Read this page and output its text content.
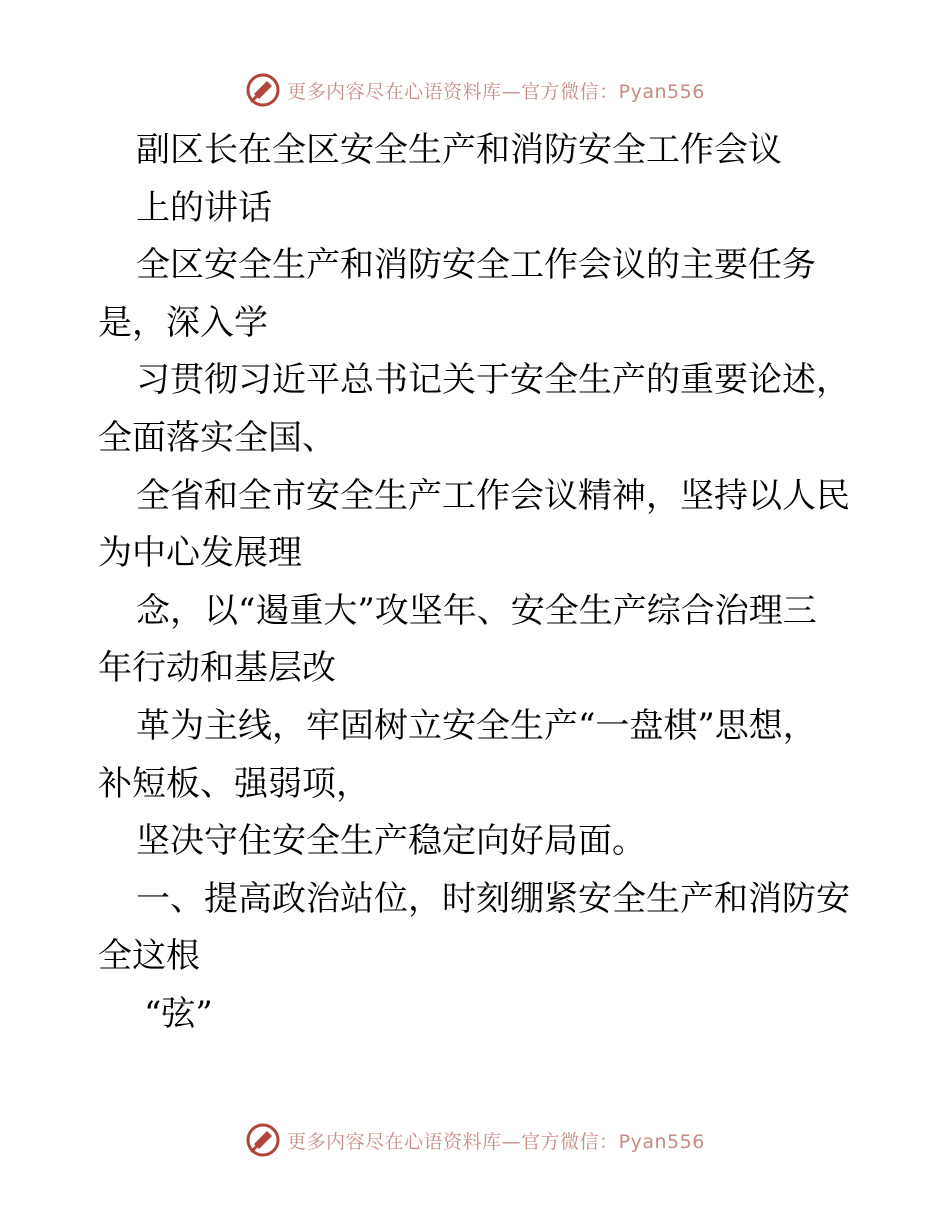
更多内容尽在心语资料库—官方微信：Pyan556
副区长在全区安全生产和消防安全工作会议
上的讲话
全区安全生产和消防安全工作会议的主要任务
是，深入学
习贯彻习近平总书记关于安全生产的重要论述，
全面落实全国、
全省和全市安全生产工作会议精神，坚持以人民
为中心发展理
念，以“遏重大”攻坚年、安全生产综合治理三
年行动和基层改
革为主线，牢固树立安全生产“一盘棋”思想，
补短板、强弱项，
坚决守住安全生产稳定向好局面。
一、提高政治站位，时刻绷紧安全生产和消防安
全这根
“弦”
更多内容尽在心语资料库—官方微信：Pyan556
